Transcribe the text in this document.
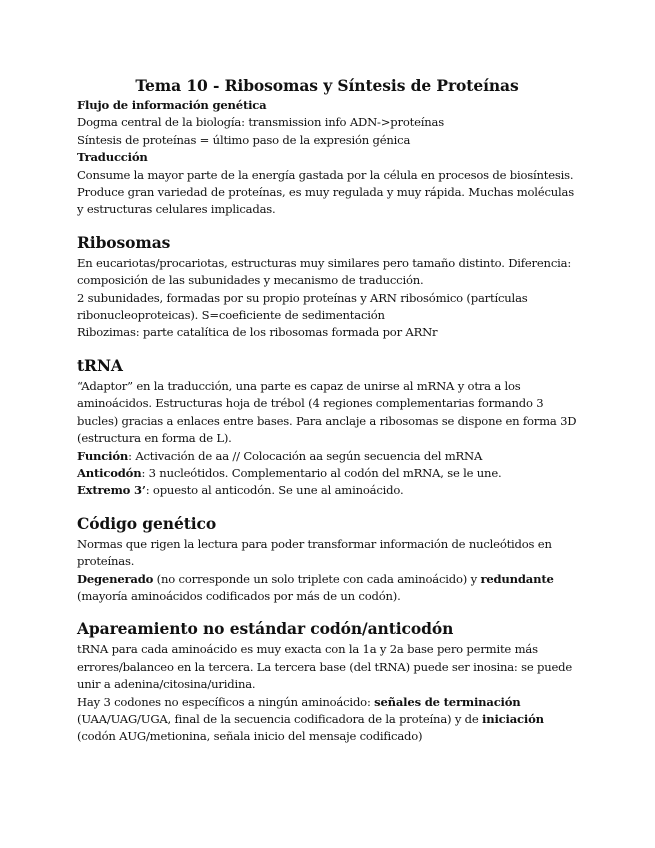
Tema 10 - Ribosomas y Síntesis de Proteínas

Flujo de información genética

Dogma central de la biología: transmission info ADN->proteínas

Síntesis de proteínas = último paso de la expresión génica

Traducción

Consume la mayor parte de la energía gastada por la célula en procesos de biosíntesis. Produce gran variedad de proteínas, es muy regulada y muy rápida. Muchas moléculas y estructuras celulares implicadas.

Ribosomas

En eucariotas/procariotas, estructuras muy similares pero tamaño distinto. Diferencia: composición de las subunidades y mecanismo de traducción.

2 subunidades, formadas por su propio proteínas y ARN ribosómico (partículas ribonucleoproteicas). S=coeficiente de sedimentación

Ribozimas: parte catalítica de los ribosomas formada por ARNr

tRNA

“Adaptor” en la traducción, una parte es capaz de unirse al mRNA y otra a los aminoácidos. Estructuras hoja de trébol (4 regiones complementarias formando 3 bucles) gracias a enlaces entre bases. Para anclaje a ribosomas se dispone en forma 3D (estructura en forma de L).

Función: Activación de aa // Colocación aa según secuencia del mRNA

Anticodón: 3 nucleótidos. Complementario al codón del mRNA, se le une.

Extremo 3’: opuesto al anticodón. Se une al aminoácido.

Código genético

Normas que rigen la lectura para poder transformar información de nucleótidos en proteínas.

Degenerado (no corresponde un solo triplete con cada aminoácido) y redundante (mayoría aminoácidos codificados por más de un codón).

Apareamiento no estándar codón/anticodón

tRNA para cada aminoácido es muy exacta con la 1a y 2a base pero permite más errores/balanceo en la tercera. La tercera base (del tRNA) puede ser inosina: se puede unir a adenina/citosina/uridina.

Hay 3 codones no específicos a ningún aminoácido: señales de terminación (UAA/UAG/UGA, final de la secuencia codificadora de la proteína) y de iniciación (codón AUG/metionina, señala inicio del mensaje codificado)
